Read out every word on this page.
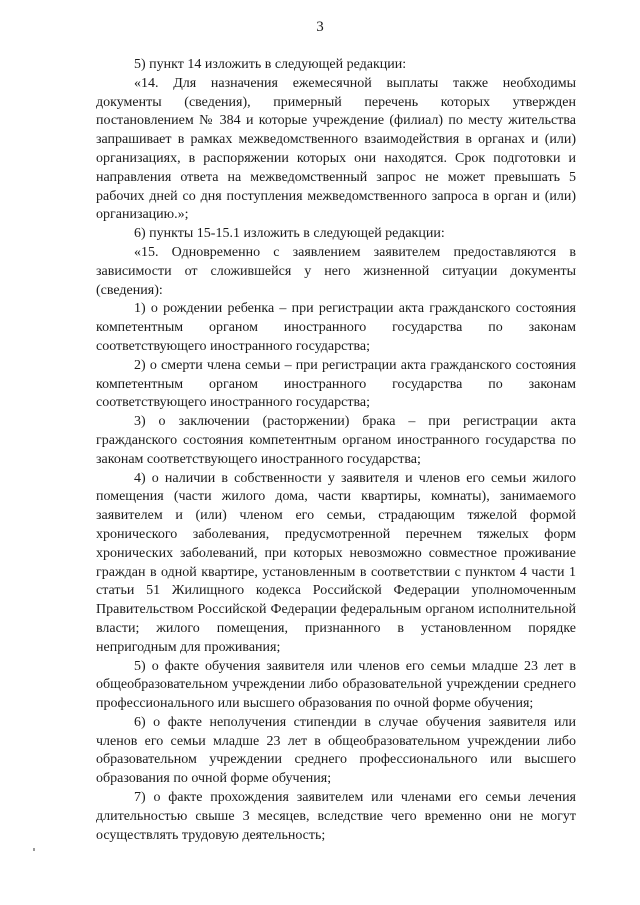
3

5) пункт 14 изложить в следующей редакции:

«14. Для назначения ежемесячной выплаты также необходимы документы (сведения), примерный перечень которых утвержден постановлением № 384 и которые учреждение (филиал) по месту жительства запрашивает в рамках межведомственного взаимодействия в органах и (или) организациях, в распоряжении которых они находятся. Срок подготовки и направления ответа на межведомственный запрос не может превышать 5 рабочих дней со дня поступления межведомственного запроса в орган и (или) организацию.»;

6) пункты 15-15.1 изложить в следующей редакции:

«15. Одновременно с заявлением заявителем предоставляются в зависимости от сложившейся у него жизненной ситуации документы (сведения):

1) о рождении ребенка – при регистрации акта гражданского состояния компетентным органом иностранного государства по законам соответствующего иностранного государства;

2) о смерти члена семьи – при регистрации акта гражданского состояния компетентным органом иностранного государства по законам соответствующего иностранного государства;

3) о заключении (расторжении) брака – при регистрации акта гражданского состояния компетентным органом иностранного государства по законам соответствующего иностранного государства;

4) о наличии в собственности у заявителя и членов его семьи жилого помещения (части жилого дома, части квартиры, комнаты), занимаемого заявителем и (или) членом его семьи, страдающим тяжелой формой хронического заболевания, предусмотренной перечнем тяжелых форм хронических заболеваний, при которых невозможно совместное проживание граждан в одной квартире, установленным в соответствии с пунктом 4 части 1 статьи 51 Жилищного кодекса Российской Федерации уполномоченным Правительством Российской Федерации федеральным органом исполнительной власти; жилого помещения, признанного в установленном порядке непригодным для проживания;

5) о факте обучения заявителя или членов его семьи младше 23 лет в общеобразовательном учреждении либо образовательной учреждении среднего профессионального или высшего образования по очной форме обучения;

6) о факте неполучения стипендии в случае обучения заявителя или членов его семьи младше 23 лет в общеобразовательном учреждении либо образовательном учреждении среднего профессионального или высшего образования по очной форме обучения;

7) о факте прохождения заявителем или членами его семьи лечения длительностью свыше 3 месяцев, вследствие чего временно они не могут осуществлять трудовую деятельность;
